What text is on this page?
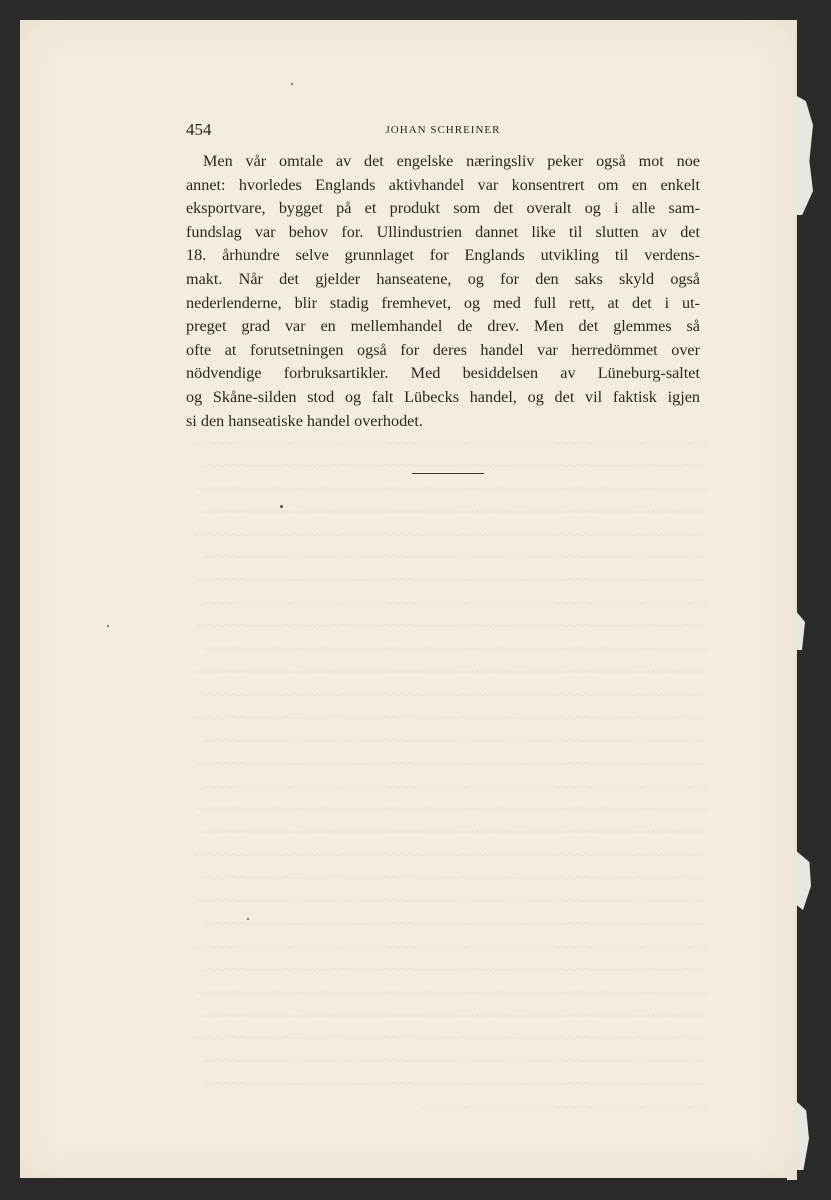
454	JOHAN SCHREINER
Men vår omtale av det engelske næringsliv peker også mot noe
annet: hvorledes Englands aktivhandel var konsentrert om en enkelt
eksportvare, bygget på et produkt som det overalt og i alle sam-
fundslag var behov for. Ullindustrien dannet like til slutten av det
18. århundre selve grunnlaget for Englands utvikling til verdens-
makt. Når det gjelder hanseatene, og for den saks skyld også
nederlenderne, blir stadig fremhevet, og med full rett, at det i ut-
preget grad var en mellemhandel de drev. Men det glemmes så
ofte at forutsetningen også for deres handel var herredömmet over
nödvendige forbruksartikler. Med besiddelsen av Lüneburg-saltet
og Skåne-silden stod og falt Lübecks handel, og det vil faktisk igjen
si den hanseatiske handel overhodet.
